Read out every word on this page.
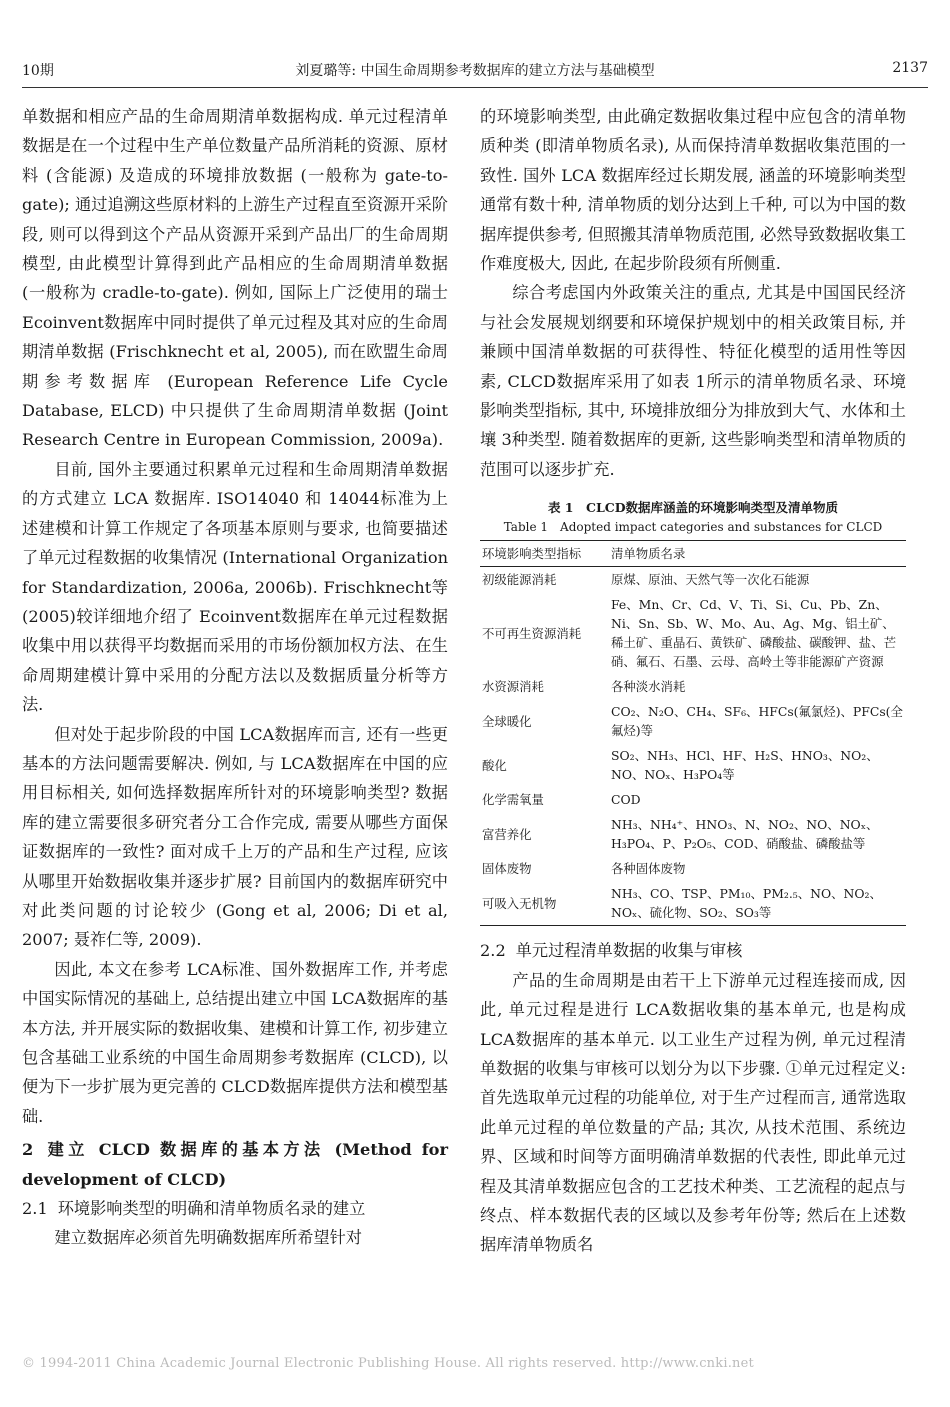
10期	刘夏璐等: 中国生命周期参考数据库的建立方法与基础模型	2137

单数据和相应产品的生命周期清单数据构成. 单元过程清单数据是在一个过程中生产单位数量产品所消耗的资源、原材料 (含能源) 及造成的环境排放数据 (一般称为 gate-to-gate); 通过追溯这些原材料的上游生产过程直至资源开采阶段, 则可以得到这个产品从资源开采到产品出厂的生命周期模型, 由此模型计算得到此产品相应的生命周期清单数据 (一般称为 cradle-to-gate). 例如, 国际上广泛使用的瑞士 Ecoinvent数据库中同时提供了单元过程及其对应的生命周期清单数据 (Frischknecht et al, 2005), 而在欧盟生命周期参考数据库 (European Reference Life Cycle Database, ELCD) 中只提供了生命周期清单数据 (Joint Research Centre in European Commission, 2009a).

目前, 国外主要通过积累单元过程和生命周期清单数据的方式建立 LCA 数据库. ISO14040 和 14044标准为上述建模和计算工作规定了各项基本原则与要求, 也简要描述了单元过程数据的收集情况 (International Organization for Standardization, 2006a, 2006b). Frischknecht等 (2005)较详细地介绍了 Ecoinvent数据库在单元过程数据收集中用以获得平均数据而采用的市场份额加权方法、在生命周期建模计算中采用的分配方法以及数据质量分析等方法.

但对处于起步阶段的中国 LCA数据库而言, 还有一些更基本的方法问题需要解决. 例如, 与 LCA数据库在中国的应用目标相关, 如何选择数据库所针对的环境影响类型? 数据库的建立需要很多研究者分工合作完成, 需要从哪些方面保证数据库的一致性? 面对成千上万的产品和生产过程, 应该从哪里开始数据收集并逐步扩展? 目前国内的数据库研究中对此类问题的讨论较少 (Gong et al, 2006; Di et al, 2007; 聂祚仁等, 2009).

因此, 本文在参考 LCA标准、国外数据库工作, 并考虑中国实际情况的基础上, 总结提出建立中国 LCA数据库的基本方法, 并开展实际的数据收集、建模和计算工作, 初步建立包含基础工业系统的中国生命周期参考数据库 (CLCD), 以便为下一步扩展为更完善的 CLCD数据库提供方法和模型基础.

2 建立 CLCD 数据库的基本方法 (Method for development of CLCD)
2.1 环境影响类型的明确和清单物质名录的建立

建立数据库必须首先明确数据库所希望针对

的环境影响类型, 由此确定数据收集过程中应包含的清单物质种类 (即清单物质名录), 从而保持清单数据收集范围的一致性. 国外 LCA 数据库经过长期发展, 涵盖的环境影响类型通常有数十种, 清单物质的划分达到上千种, 可以为中国的数据库提供参考, 但照搬其清单物质范围, 必然导致数据收集工作难度极大, 因此, 在起步阶段须有所侧重.

综合考虑国内外政策关注的重点, 尤其是中国国民经济与社会发展规划纲要和环境保护规划中的相关政策目标, 并兼顾中国清单数据的可获得性、特征化模型的适用性等因素, CLCD数据库采用了如表 1所示的清单物质名录、环境影响类型指标, 其中, 环境排放细分为排放到大气、水体和土壤 3种类型. 随着数据库的更新, 这些影响类型和清单物质的范围可以逐步扩充.

表 1　CLCD数据库涵盖的环境影响类型及清单物质
Table 1　Adopted impact categories and substances for CLCD
环境影响类型指标	清单物质名录
初级能源消耗	原煤、原油、天然气等一次化石能源
不可再生资源消耗	Fe、Mn、Cr、Cd、V、Ti、Si、Cu、Pb、Zn、Ni、Sn、Sb、W、Mo、Au、Ag、Mg、铝土矿、稀土矿、重晶石、黄铁矿、磷酸盐、碳酸钾、盐、芒硝、氟石、石墨、云母、高岭土等非能源矿产资源
水资源消耗	各种淡水消耗
全球暖化	CO₂、N₂O、CH₄、SF₆、HFCs(氟氯烃)、PFCs(全氟烃)等
酸化	SO₂、NH₃、HCl、HF、H₂S、HNO₃、NO₂、NO、NOₓ、H₃PO₄等
化学需氧量	COD
富营养化	NH₃、NH₄⁺、HNO₃、N、NO₂、NO、NOₓ、H₃PO₄、P、P₂O₅、COD、硝酸盐、磷酸盐等
固体废物	各种固体废物
可吸入无机物	NH₃、CO、TSP、PM₁₀、PM₂.₅、NO、NO₂、NOₓ、硫化物、SO₂、SO₃等
2.2 单元过程清单数据的收集与审核

产品的生命周期是由若干上下游单元过程连接而成, 因此, 单元过程是进行 LCA数据收集的基本单元, 也是构成 LCA数据库的基本单元. 以工业生产过程为例, 单元过程清单数据的收集与审核可以划分为以下步骤. ①单元过程定义: 首先选取单元过程的功能单位, 对于生产过程而言, 通常选取此单元过程的单位数量的产品; 其次, 从技术范围、系统边界、区域和时间等方面明确清单数据的代表性, 即此单元过程及其清单数据应包含的工艺技术种类、工艺流程的起点与终点、样本数据代表的区域以及参考年份等; 然后在上述数据库清单物质名

© 1994-2011 China Academic Journal Electronic Publishing House. All rights reserved. http://www.cnki.net
